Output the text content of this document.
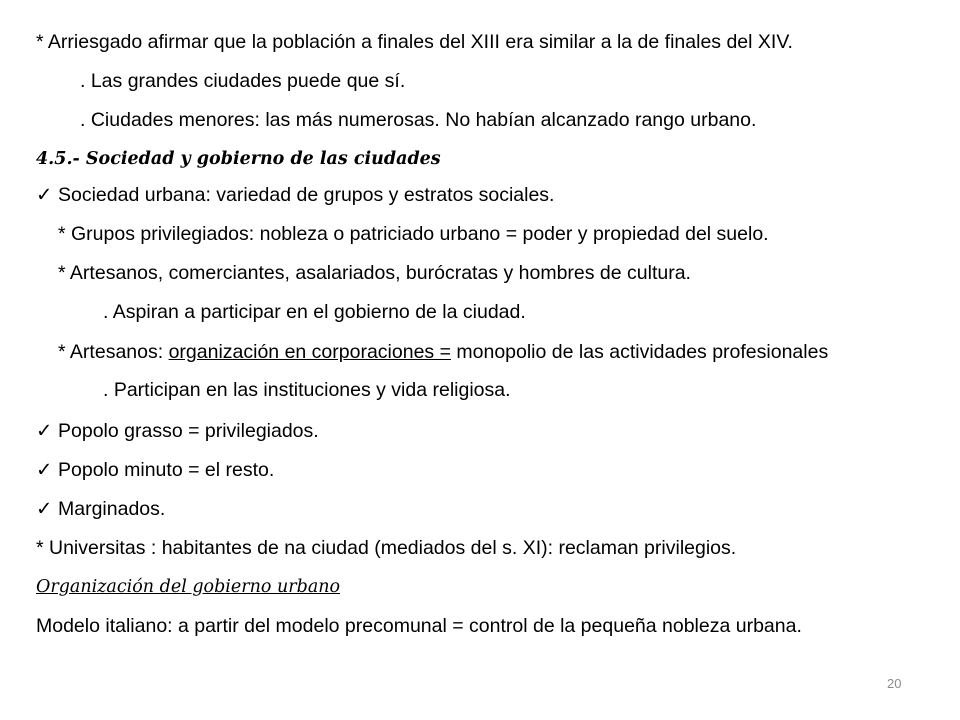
* Arriesgado afirmar que la población a finales del XIII era similar a la de finales del XIV.
. Las grandes ciudades puede que sí.
. Ciudades menores: las más numerosas. No habían alcanzado rango urbano.
4.5.- Sociedad y gobierno de las ciudades
✓ Sociedad urbana: variedad de grupos y estratos sociales.
* Grupos privilegiados: nobleza o patriciado urbano = poder y propiedad del suelo.
* Artesanos, comerciantes, asalariados, burócratas y hombres de cultura.
. Aspiran a participar en el gobierno de la ciudad.
* Artesanos: organización en corporaciones = monopolio de las actividades profesionales
. Participan en las instituciones y vida religiosa.
✓ Popolo grasso = privilegiados.
✓ Popolo minuto = el resto.
✓ Marginados.
* Universitas : habitantes de na ciudad (mediados del s. XI): reclaman privilegios.
Organización del gobierno urbano
Modelo italiano: a partir del modelo precomunal = control de la pequeña nobleza urbana.
20
